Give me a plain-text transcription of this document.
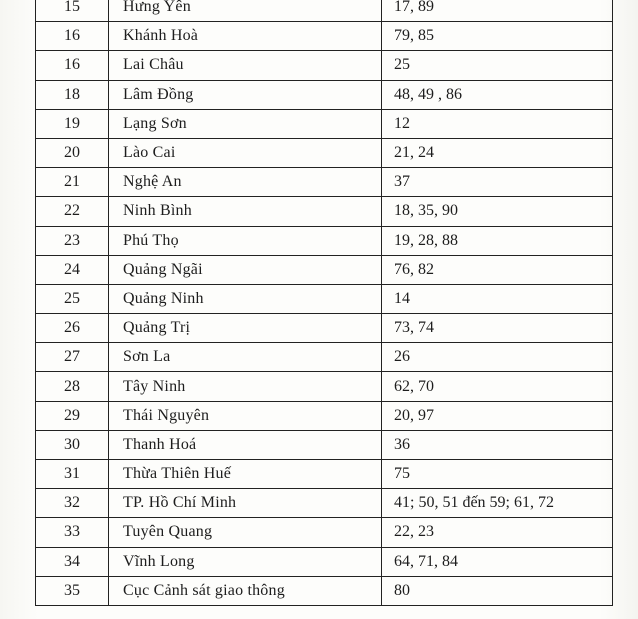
15	Hưng Yên	17, 89
16	Khánh Hoà	79, 85
16	Lai Châu	25
18	Lâm Đồng	48, 49 , 86
19	Lạng Sơn	12
20	Lào Cai	21, 24
21	Nghệ An	37
22	Ninh Bình	18, 35, 90
23	Phú Thọ	19, 28, 88
24	Quảng Ngãi	76, 82
25	Quảng Ninh	14
26	Quảng Trị	73, 74
27	Sơn La	26
28	Tây Ninh	62, 70
29	Thái Nguyên	20, 97
30	Thanh Hoá	36
31	Thừa Thiên Huế	75
32	TP. Hồ Chí Minh	41; 50, 51 đến 59; 61, 72
33	Tuyên Quang	22, 23
34	Vĩnh Long	64, 71, 84
35	Cục Cảnh sát giao thông	80
